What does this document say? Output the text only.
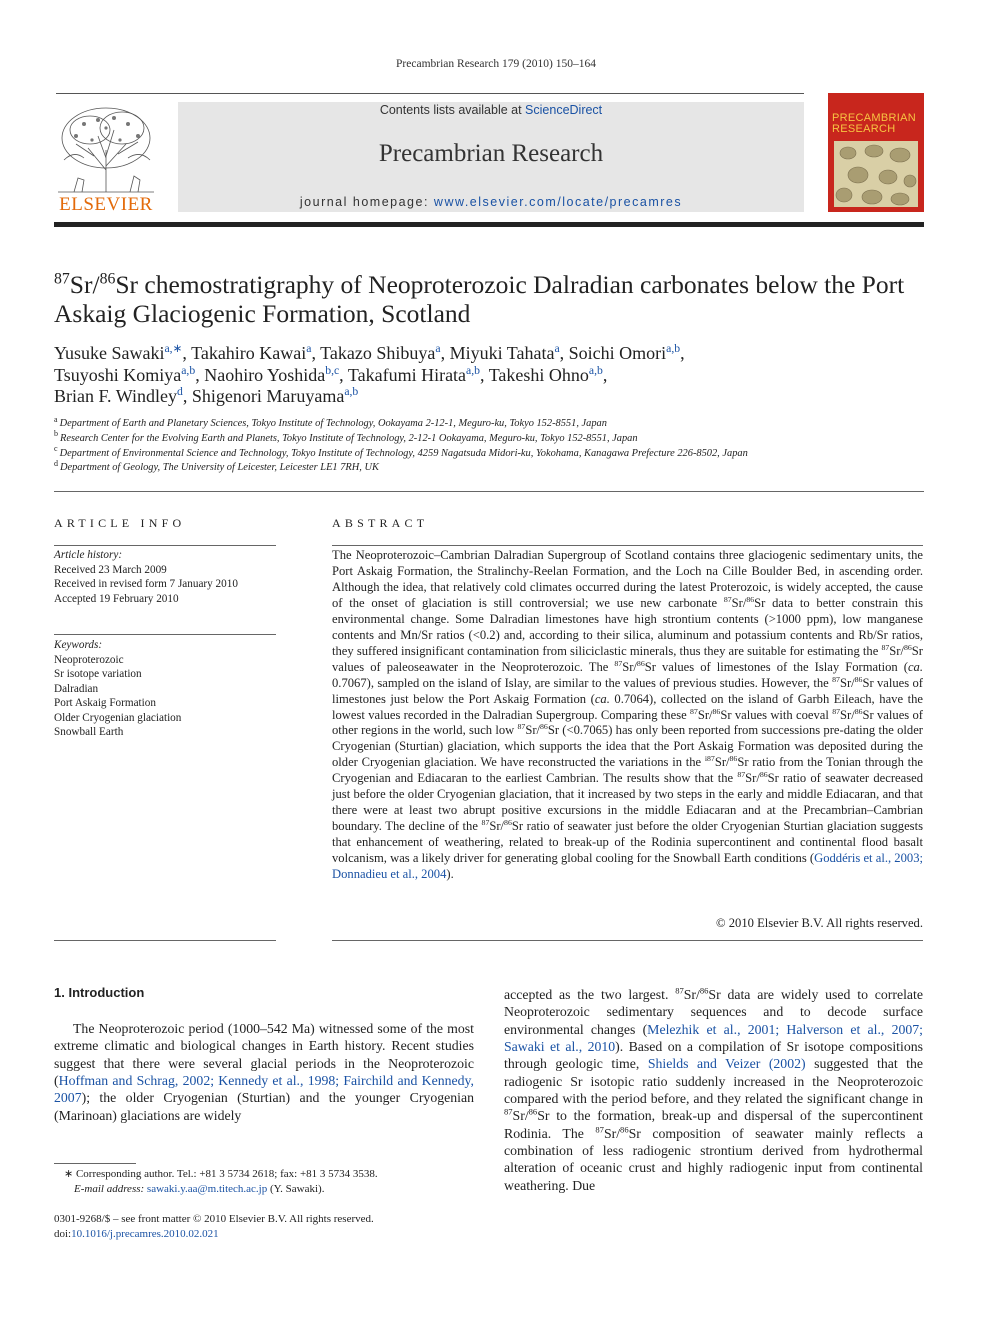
Precambrian Research 179 (2010) 150–164
ELSEVIER
Contents lists available at ScienceDirect
Precambrian Research
journal homepage: www.elsevier.com/locate/precamres
PRECAMBRIAN
RESEARCH
$^{87}$Sr/$^{86}$Sr chemostratigraphy of Neoproterozoic Dalradian carbonates below the Port Askaig Glaciogenic Formation, Scotland
Yusuke Sawaki$^{a,∗}$, Takahiro Kawai$^a$, Takazo Shibuya$^a$, Miyuki Tahata$^a$, Soichi Omori$^{a,b}$,
Tsuyoshi Komiya$^{a,b}$, Naohiro Yoshida$^{b,c}$, Takafumi Hirata$^{a,b}$, Takeshi Ohno$^{a,b}$,
Brian F. Windley$^d$, Shigenori Maruyama$^{a,b}$
$^a$ Department of Earth and Planetary Sciences, Tokyo Institute of Technology, Ookayama 2-12-1, Meguro-ku, Tokyo 152-8551, Japan
$^b$ Research Center for the Evolving Earth and Planets, Tokyo Institute of Technology, 2-12-1 Ookayama, Meguro-ku, Tokyo 152-8551, Japan
$^c$ Department of Environmental Science and Technology, Tokyo Institute of Technology, 4259 Nagatsuda Midori-ku, Yokohama, Kanagawa Prefecture 226-8502, Japan
$^d$ Department of Geology, The University of Leicester, Leicester LE1 7RH, UK
ARTICLE INFO
Article history:
Received 23 March 2009
Received in revised form 7 January 2010
Accepted 19 February 2010
Keywords:
Neoproterozoic
Sr isotope variation
Dalradian
Port Askaig Formation
Older Cryogenian glaciation
Snowball Earth
ABSTRACT
The Neoproterozoic–Cambrian Dalradian Supergroup of Scotland contains three glaciogenic sedimentary units, the Port Askaig Formation, the Stralinchy-Reelan Formation, and the Loch na Cille Boulder Bed, in ascending order. Although the idea, that relatively cold climates occurred during the latest Proterozoic, is widely accepted, the cause of the onset of glaciation is still controversial; we use new carbonate $^{87}$Sr/$^{86}$Sr data to better constrain this environmental change. Some Dalradian limestones have high strontium contents (>1000 ppm), low manganese contents and Mn/Sr ratios (<0.2) and, according to their silica, aluminum and potassium contents and Rb/Sr ratios, they suffered insignificant contamination from siliciclastic minerals, thus they are suitable for estimating the $^{87}$Sr/$^{86}$Sr values of paleoseawater in the Neoproterozoic. The $^{87}$Sr/$^{86}$Sr values of limestones of the Islay Formation (ca. 0.7067), sampled on the island of Islay, are similar to the values of previous studies. However, the $^{87}$Sr/$^{86}$Sr values of limestones just below the Port Askaig Formation (ca. 0.7064), collected on the island of Garbh Eileach, have the lowest values recorded in the Dalradian Supergroup. Comparing these $^{87}$Sr/$^{86}$Sr values with coeval $^{87}$Sr/$^{86}$Sr values of other regions in the world, such low $^{87}$Sr/$^{86}$Sr (<0.7065) has only been reported from successions pre-dating the older Cryogenian (Sturtian) glaciation, which supports the idea that the Port Askaig Formation was deposited during the older Cryogenian glaciation. We have reconstructed the variations in the $^{i87}$Sr/$^{86}$Sr ratio from the Tonian through the Cryogenian and Ediacaran to the earliest Cambrian. The results show that the $^{87}$Sr/$^{86}$Sr ratio of seawater decreased just before the older Cryogenian glaciation, that it increased by two steps in the early and middle Ediacaran, and that there were at least two abrupt positive excursions in the middle Ediacaran and at the Precambrian–Cambrian boundary. The decline of the $^{87}$Sr/$^{86}$Sr ratio of seawater just before the older Cryogenian Sturtian glaciation suggests that enhancement of weathering, related to break-up of the Rodinia supercontinent and continental flood basalt volcanism, was a likely driver for generating global cooling for the Snowball Earth conditions (Goddéris et al., 2003; Donnadieu et al., 2004).
© 2010 Elsevier B.V. All rights reserved.
1. Introduction
The Neoproterozoic period (1000–542 Ma) witnessed some of the most extreme climatic and biological changes in Earth history. Recent studies suggest that there were several glacial periods in the Neoproterozoic (Hoffman and Schrag, 2002; Kennedy et al., 1998; Fairchild and Kennedy, 2007); the older Cryogenian (Sturtian) and the younger Cryogenian (Marinoan) glaciations are widely
accepted as the two largest. $^{87}$Sr/$^{86}$Sr data are widely used to correlate Neoproterozoic sedimentary sequences and to decode surface environmental changes (Melezhik et al., 2001; Halverson et al., 2007; Sawaki et al., 2010). Based on a compilation of Sr isotope compositions through geologic time, Shields and Veizer (2002) suggested that the radiogenic Sr isotopic ratio suddenly increased in the Neoproterozoic compared with the period before, and they related the significant change in $^{87}$Sr/$^{86}$Sr to the formation, break-up and dispersal of the supercontinent Rodinia. The $^{87}$Sr/$^{86}$Sr composition of seawater mainly reflects a combination of less radiogenic strontium derived from hydrothermal alteration of oceanic crust and highly radiogenic input from continental weathering. Due
∗ Corresponding author. Tel.: +81 3 5734 2618; fax: +81 3 5734 3538.
E-mail address: sawaki.y.aa@m.titech.ac.jp (Y. Sawaki).
0301-9268/$ – see front matter © 2010 Elsevier B.V. All rights reserved.
doi:10.1016/j.precamres.2010.02.021
